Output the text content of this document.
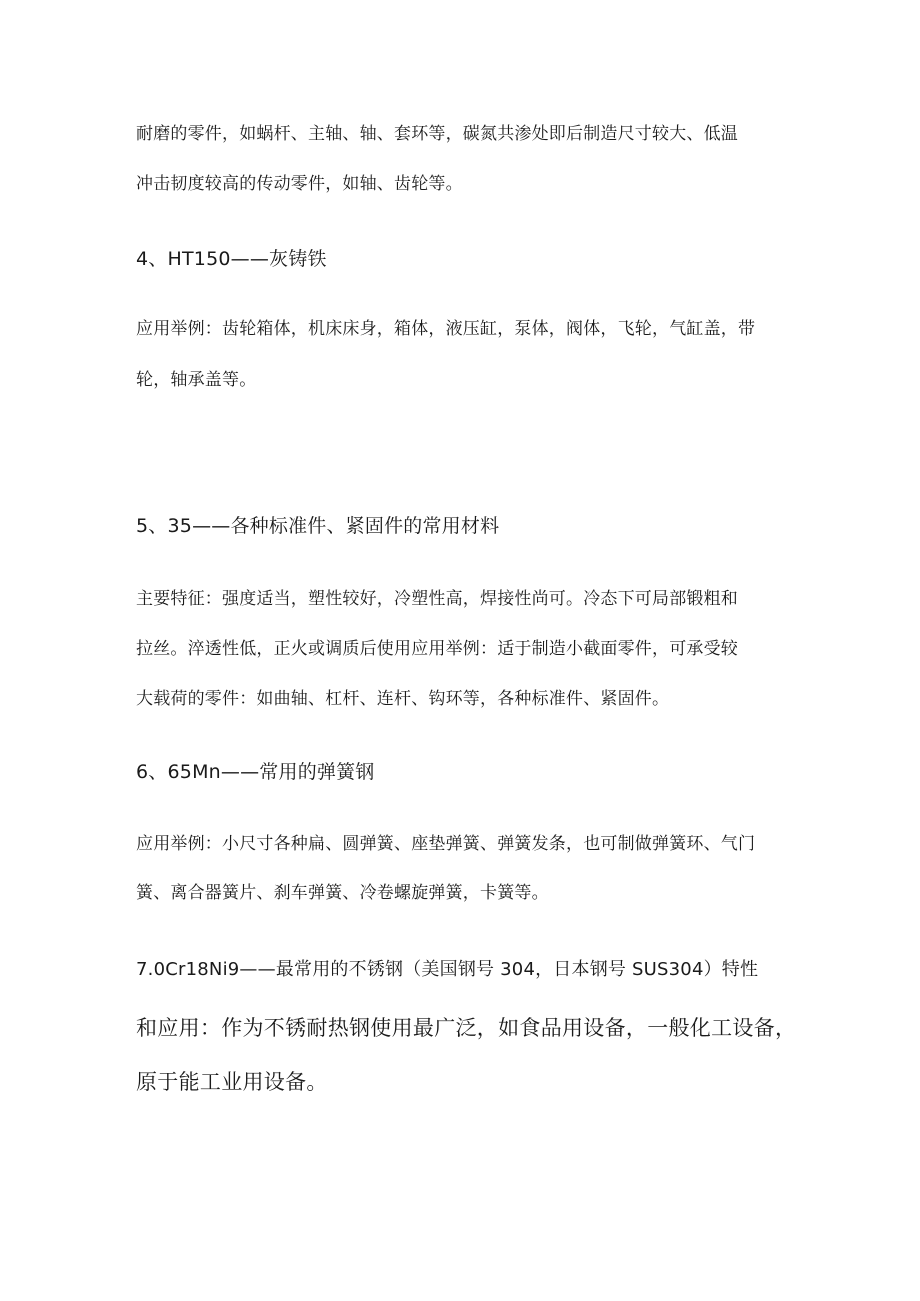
耐磨的零件，如蜗杆、主轴、轴、套环等，碳氮共渗处即后制造尺寸较大、低温
冲击韧度较高的传动零件，如轴、齿轮等。
4、HT150——灰铸铁
应用举例：齿轮箱体，机床床身，箱体，液压缸，泵体，阀体，飞轮，气缸盖，带
轮，轴承盖等。
5、35——各种标准件、紧固件的常用材料
主要特征：强度适当，塑性较好，冷塑性高，焊接性尚可。冷态下可局部锻粗和
拉丝。淬透性低，正火或调质后使用应用举例：适于制造小截面零件，可承受较
大载荷的零件：如曲轴、杠杆、连杆、钩环等，各种标准件、紧固件。
6、65Mn——常用的弹簧钢
应用举例：小尺寸各种扁、圆弹簧、座垫弹簧、弹簧发条，也可制做弹簧环、气门
簧、离合器簧片、刹车弹簧、冷卷螺旋弹簧，卡簧等。
7.0Cr18Ni9——最常用的不锈钢（美国钢号 304，日本钢号 SUS304）特性
和应用：作为不锈耐热钢使用最广泛，如食品用设备，一般化工设备，
原于能工业用设备。
